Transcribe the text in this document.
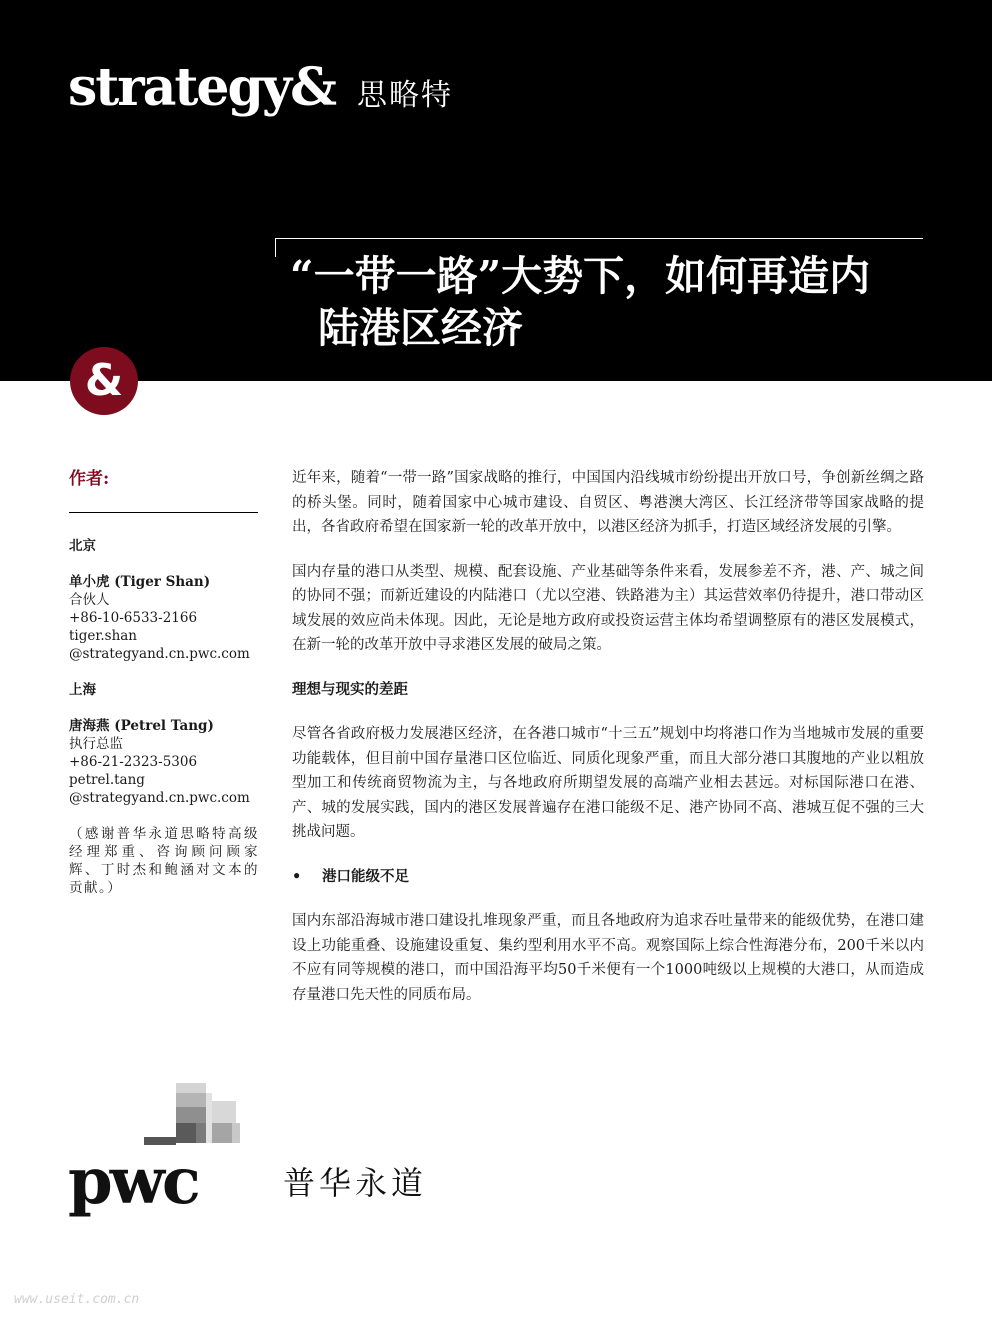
strategy& 思略特
“一带一路”大势下，如何再造内
陆港区经济
&
作者:
北京
单小虎 (Tiger Shan)
合伙人
+86-10-6533-2166
tiger.shan
@strategyand.cn.pwc.com
上海
唐海燕 (Petrel Tang)
执行总监
+86-21-2323-5306
petrel.tang
@strategyand.cn.pwc.com
（感谢普华永道思略特高级经理郑重、咨询顾问顾家辉、丁时杰和鲍涵对文本的贡献。）

近年来，随着“一带一路”国家战略的推行，中国国内沿线城市纷纷提出开放口号，争创新丝绸之路的桥头堡。同时，随着国家中心城市建设、自贸区、粤港澳大湾区、长江经济带等国家战略的提出，各省政府希望在国家新一轮的改革开放中，以港区经济为抓手，打造区域经济发展的引擎。

国内存量的港口从类型、规模、配套设施、产业基础等条件来看，发展参差不齐，港、产、城之间的协同不强；而新近建设的内陆港口（尤以空港、铁路港为主）其运营效率仍待提升，港口带动区域发展的效应尚未体现。因此，无论是地方政府或投资运营主体均希望调整原有的港区发展模式，在新一轮的改革开放中寻求港区发展的破局之策。

理想与现实的差距

尽管各省政府极力发展港区经济，在各港口城市“十三五”规划中均将港口作为当地城市发展的重要功能载体，但目前中国存量港口区位临近、同质化现象严重，而且大部分港口其腹地的产业以粗放型加工和传统商贸物流为主，与各地政府所期望发展的高端产业相去甚远。对标国际港口在港、产、城的发展实践，国内的港区发展普遍存在港口能级不足、港产协同不高、港城互促不强的三大挑战问题。

•	港口能级不足

国内东部沿海城市港口建设扎堆现象严重，而且各地政府为追求吞吐量带来的能级优势，在港口建设上功能重叠、设施建设重复、集约型利用水平不高。观察国际上综合性海港分布，200千米以内不应有同等规模的港口，而中国沿海平均50千米便有一个1000吨级以上规模的大港口，从而造成存量港口先天性的同质布局。

pwc	普华永道
www.useit.com.cn
